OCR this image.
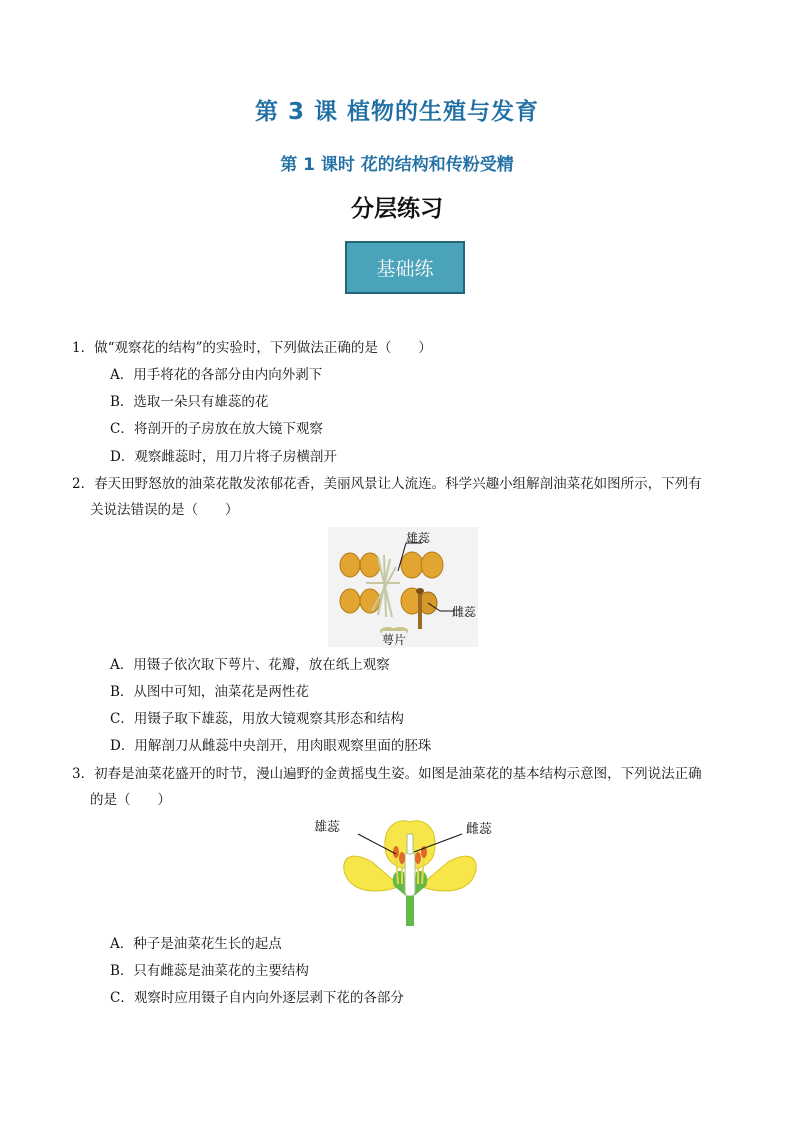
第 3 课 植物的生殖与发育
第 1 课时 花的结构和传粉受精
分层练习
基础练

1．做“观察花的结构”的实验时，下列做法正确的是（　　）

A．用手将花的各部分由内向外剥下

B．选取一朵只有雄蕊的花

C．将剖开的子房放在放大镜下观察

D．观察雌蕊时，用刀片将子房横剖开

2．春天田野怒放的油菜花散发浓郁花香，美丽风景让人流连。科学兴趣小组解剖油菜花如图所示，下列有

关说法错误的是（　　）

雄蕊
雌蕊
萼片

A．用镊子依次取下萼片、花瓣，放在纸上观察

B．从图中可知，油菜花是两性花

C．用镊子取下雄蕊，用放大镜观察其形态和结构

D．用解剖刀从雌蕊中央剖开，用肉眼观察里面的胚珠

3．初春是油菜花盛开的时节，漫山遍野的金黄摇曳生姿。如图是油菜花的基本结构示意图，下列说法正确

的是（　　）

雄蕊	雌蕊

A．种子是油菜花生长的起点

B．只有雌蕊是油菜花的主要结构

C．观察时应用镊子自内向外逐层剥下花的各部分
